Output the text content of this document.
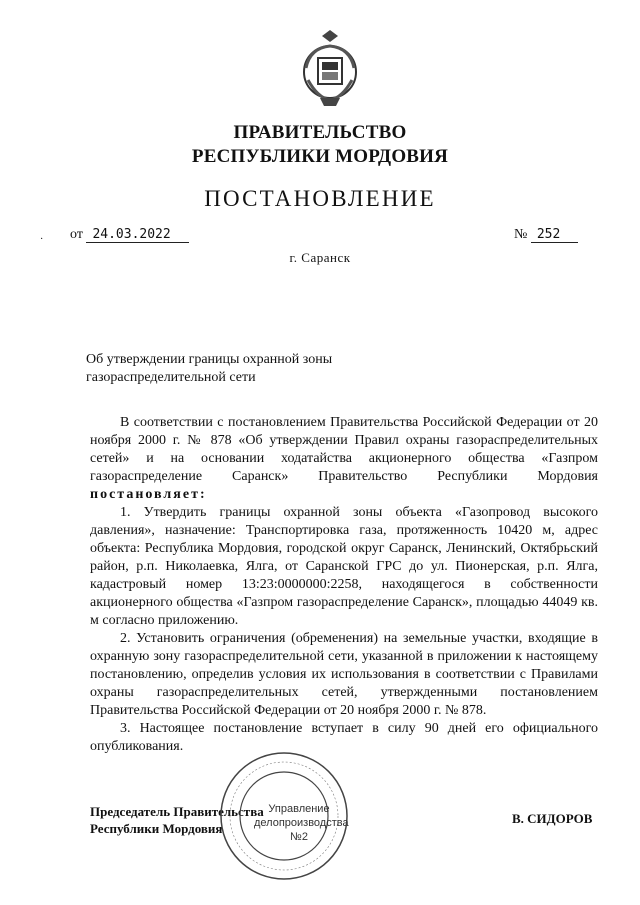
ПРАВИТЕЛЬСТВО
РЕСПУБЛИКИ МОРДОВИЯ
ПОСТАНОВЛЕНИЕ
· от 24.03.2022	№ 252
г. Саранск
Об утверждении границы охранной зоны газораспределительной сети

В соответствии с постановлением Правительства Российской Федерации от 20 ноября 2000 г. № 878 «Об утверждении Правил охраны газораспределительных сетей» и на основании ходатайства акционерного общества «Газпром газораспределение Саранск» Правительство Республики Мордовия постановляет:

1. Утвердить границы охранной зоны объекта «Газопровод высокого давления», назначение: Транспортировка газа, протяженность 10420 м, адрес объекта: Республика Мордовия, городской округ Саранск, Ленинский, Октябрьский район, р.п. Николаевка, Ялга, от Саранской ГРС до ул. Пионерская, р.п. Ялга, кадастровый номер 13:23:0000000:2258, находящегося в собственности акционерного общества «Газпром газораспределение Саранск», площадью 44049 кв. м согласно приложению.

2. Установить ограничения (обременения) на земельные участки, входящие в охранную зону газораспределительной сети, указанной в приложении к настоящему постановлению, определив условия их использования в соответствии с Правилами охраны газораспределительных сетей, утвержденными постановлением Правительства Российской Федерации от 20 ноября 2000 г. № 878.

3. Настоящее постановление вступает в силу 90 дней его официального опубликования.

Председатель Правительства
Республики Мордовия
Управление
делопроизводства
№2
В. СИДОРОВ
